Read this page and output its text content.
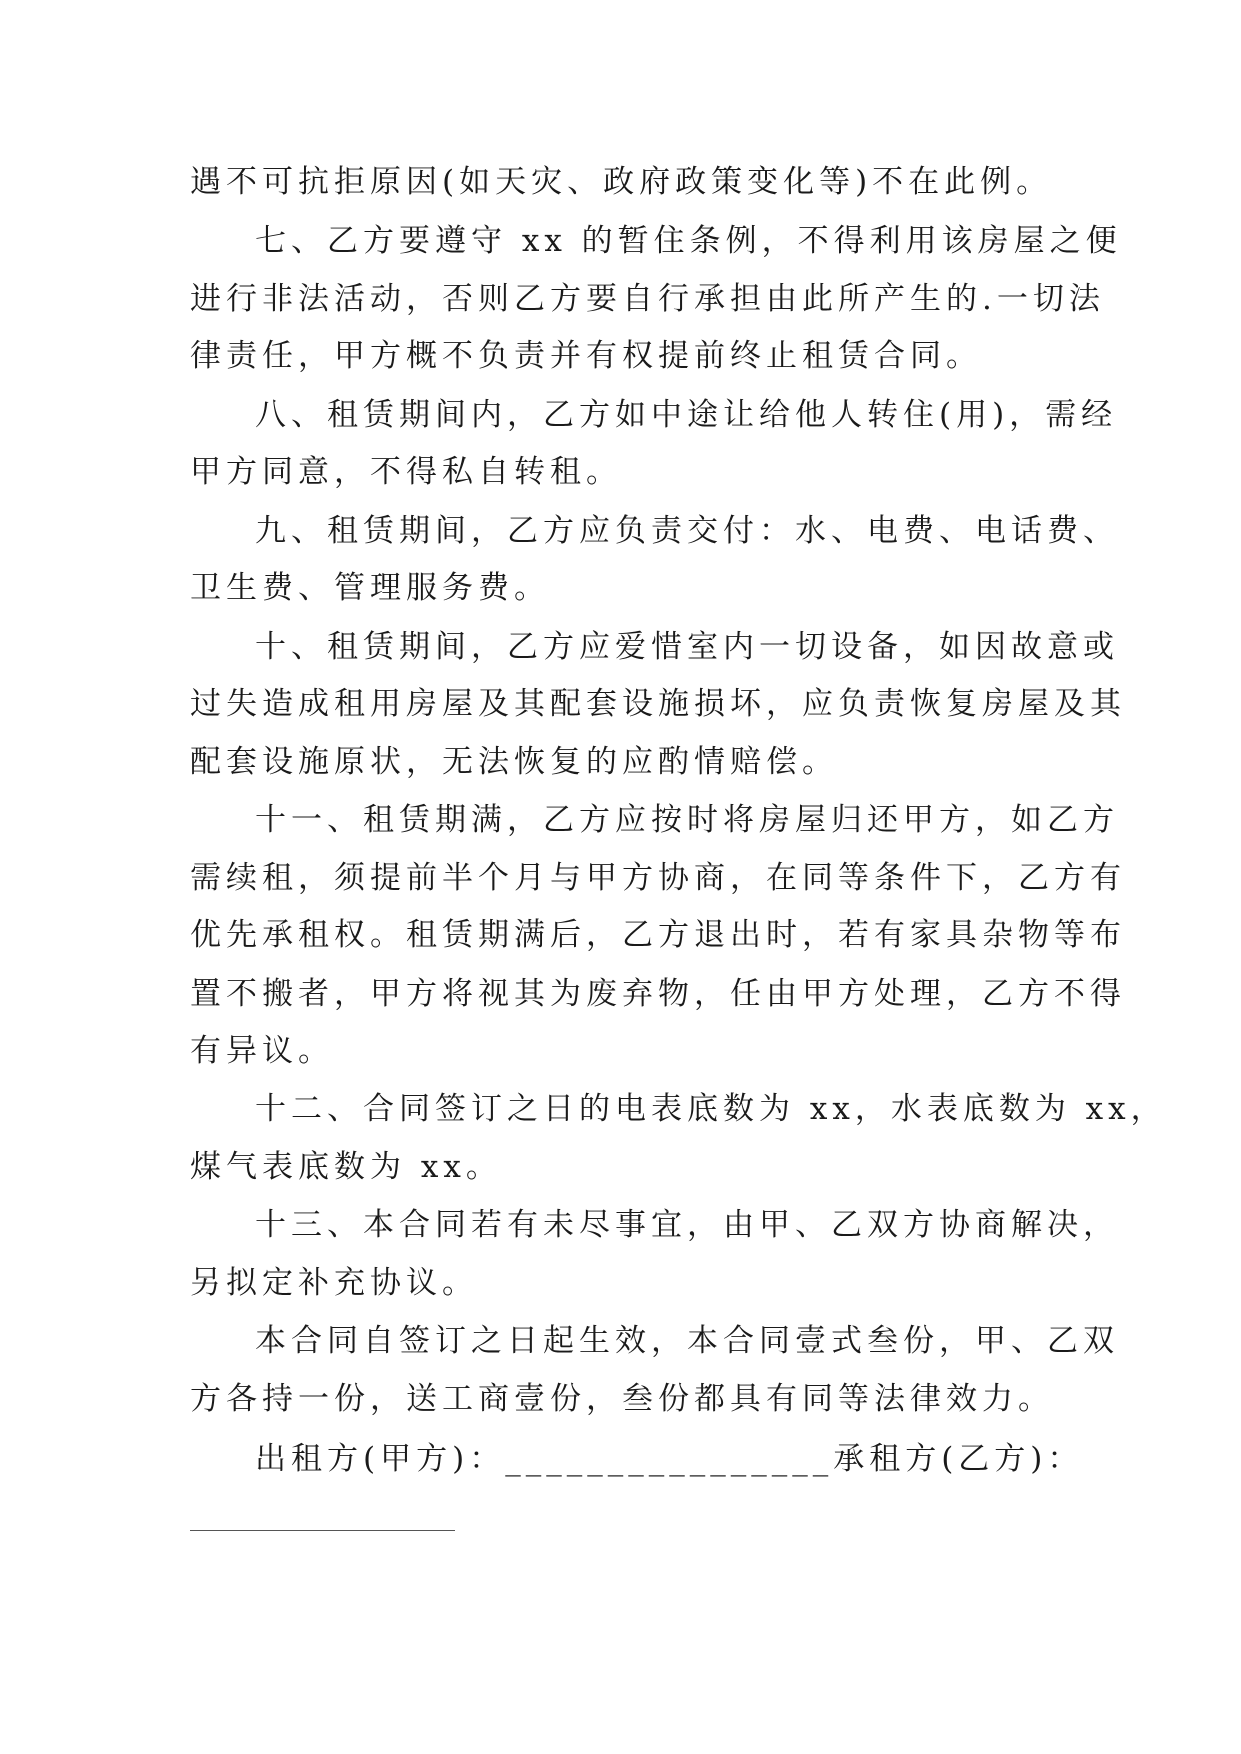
遇不可抗拒原因(如天灾、政府政策变化等)不在此例。
七、乙方要遵守 xx 的暂住条例，不得利用该房屋之便
进行非法活动，否则乙方要自行承担由此所产生的.一切法
律责任，甲方概不负责并有权提前终止租赁合同。
八、租赁期间内，乙方如中途让给他人转住(用)，需经
甲方同意，不得私自转租。
九、租赁期间，乙方应负责交付：水、电费、电话费、
卫生费、管理服务费。
十、租赁期间，乙方应爱惜室内一切设备，如因故意或
过失造成租用房屋及其配套设施损坏，应负责恢复房屋及其
配套设施原状，无法恢复的应酌情赔偿。
十一、租赁期满，乙方应按时将房屋归还甲方，如乙方
需续租，须提前半个月与甲方协商，在同等条件下，乙方有
优先承租权。租赁期满后，乙方退出时，若有家具杂物等布
置不搬者，甲方将视其为废弃物，任由甲方处理，乙方不得
有异议。
十二、合同签订之日的电表底数为 xx，水表底数为 xx，
煤气表底数为 xx。
十三、本合同若有未尽事宜，由甲、乙双方协商解决，
另拟定补充协议。
本合同自签订之日起生效，本合同壹式叁份，甲、乙双
方各持一份，送工商壹份，叁份都具有同等法律效力。
出租方(甲方)：________________承租方(乙方)：
